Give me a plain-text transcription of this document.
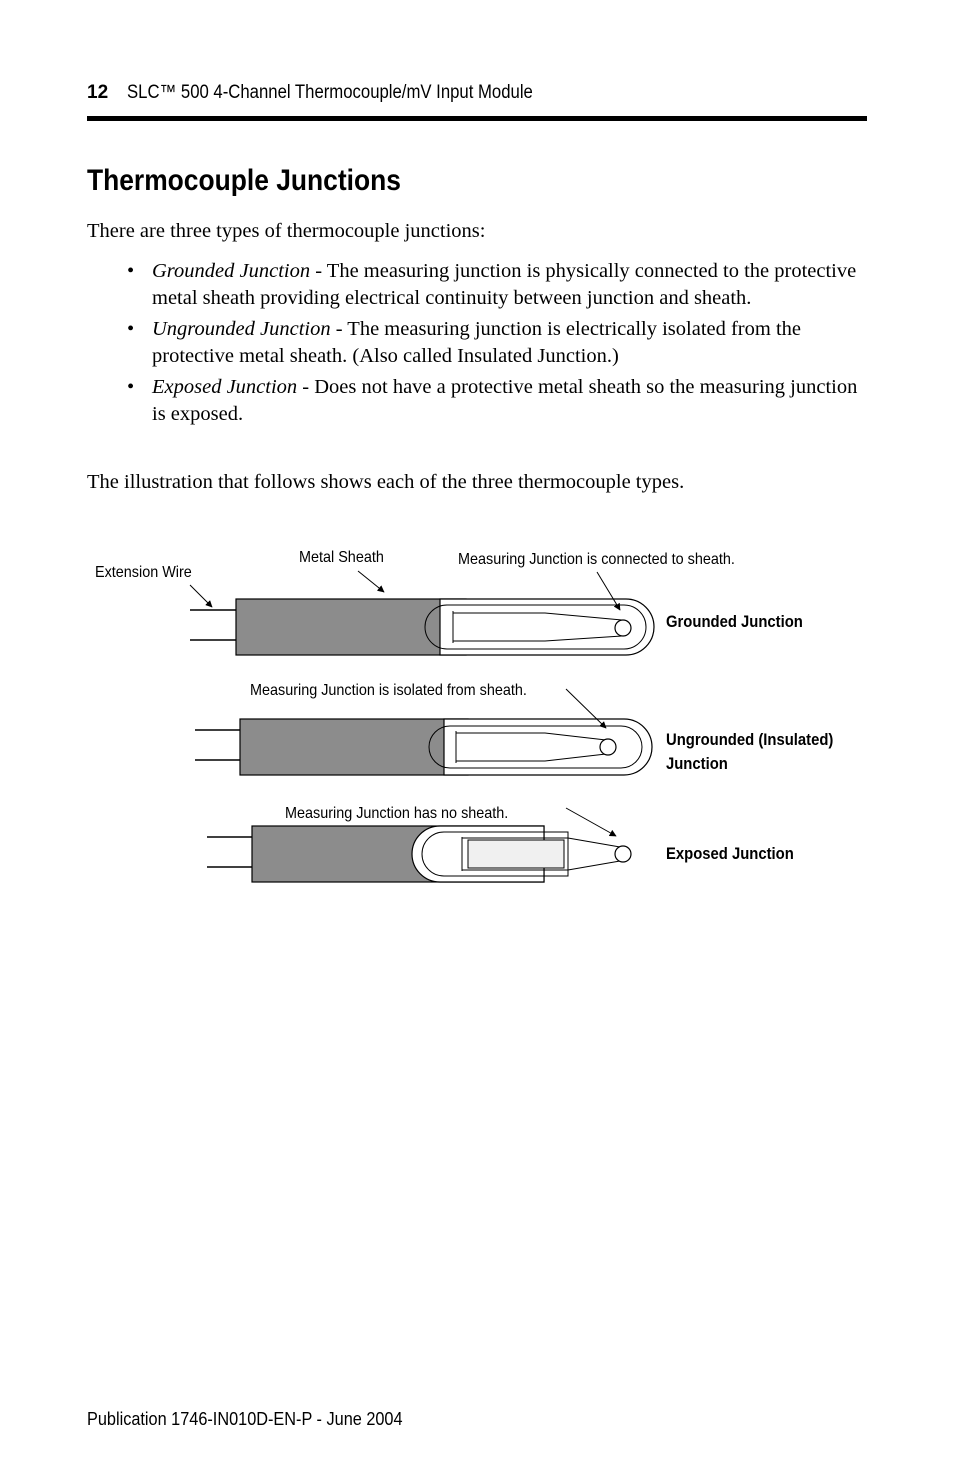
12 SLC™ 500 4-Channel Thermocouple/mV Input Module
Thermocouple Junctions
There are three types of thermocouple junctions:
• Grounded Junction - The measuring junction is physically connected to the protective metal sheath providing electrical continuity between junction and sheath.
• Ungrounded Junction - The measuring junction is electrically isolated from the protective metal sheath. (Also called Insulated Junction.)
• Exposed Junction - Does not have a protective metal sheath so the measuring junction is exposed.
The illustration that follows shows each of the three thermocouple types.
Extension Wire
Metal Sheath	Measuring Junction is connected to sheath.
Measuring Junction is isolated from sheath.
Measuring Junction has no sheath.
Grounded Junction
Ungrounded (Insulated)
Junction
Exposed Junction
Publication 1746-IN010D-EN-P - June 2004
